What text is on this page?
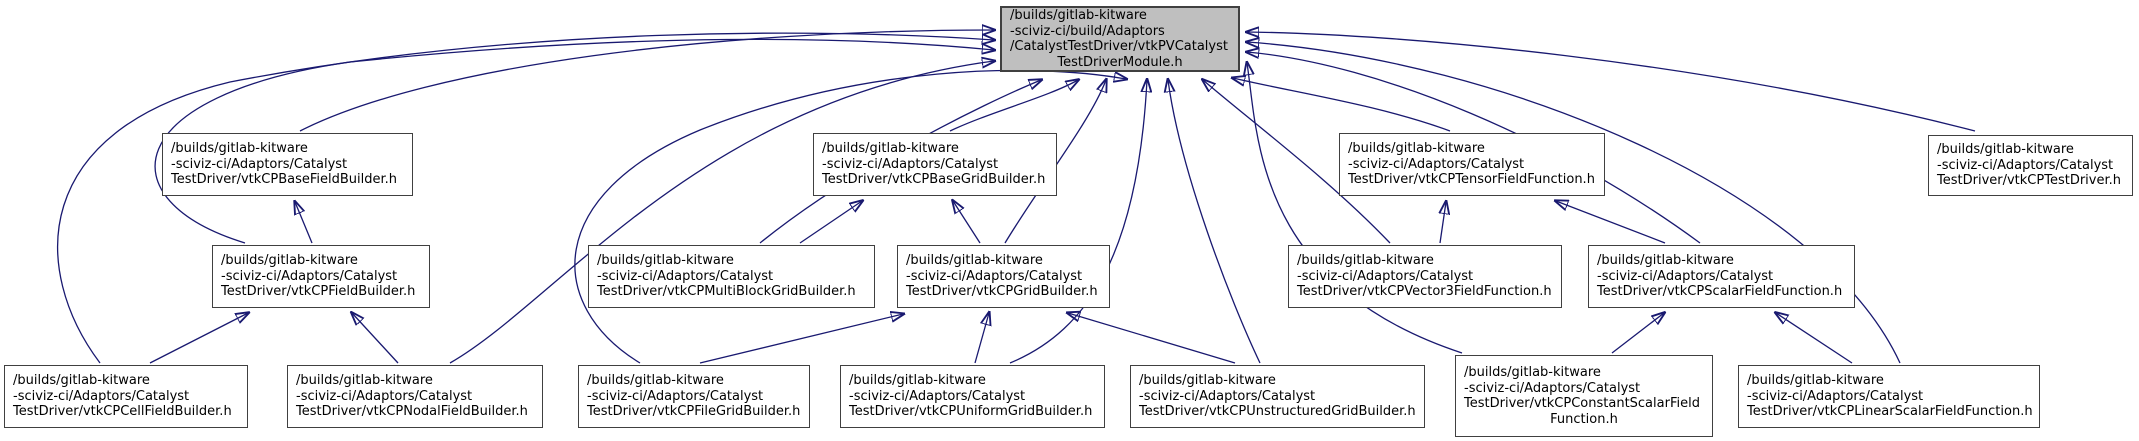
/builds/gitlab-kitware
-sciviz-ci/build/Adaptors
/CatalystTestDriver/vtkPVCatalyst
TestDriverModule.h
/builds/gitlab-kitware
-sciviz-ci/Adaptors/Catalyst
TestDriver/vtkCPBaseFieldBuilder.h
/builds/gitlab-kitware
-sciviz-ci/Adaptors/Catalyst
TestDriver/vtkCPBaseGridBuilder.h
/builds/gitlab-kitware
-sciviz-ci/Adaptors/Catalyst
TestDriver/vtkCPTensorFieldFunction.h
/builds/gitlab-kitware
-sciviz-ci/Adaptors/Catalyst
TestDriver/vtkCPTestDriver.h
/builds/gitlab-kitware
-sciviz-ci/Adaptors/Catalyst
TestDriver/vtkCPFieldBuilder.h
/builds/gitlab-kitware
-sciviz-ci/Adaptors/Catalyst
TestDriver/vtkCPMultiBlockGridBuilder.h
/builds/gitlab-kitware
-sciviz-ci/Adaptors/Catalyst
TestDriver/vtkCPGridBuilder.h
/builds/gitlab-kitware
-sciviz-ci/Adaptors/Catalyst
TestDriver/vtkCPVector3FieldFunction.h
/builds/gitlab-kitware
-sciviz-ci/Adaptors/Catalyst
TestDriver/vtkCPScalarFieldFunction.h
/builds/gitlab-kitware
-sciviz-ci/Adaptors/Catalyst
TestDriver/vtkCPCellFieldBuilder.h
/builds/gitlab-kitware
-sciviz-ci/Adaptors/Catalyst
TestDriver/vtkCPNodalFieldBuilder.h
/builds/gitlab-kitware
-sciviz-ci/Adaptors/Catalyst
TestDriver/vtkCPFileGridBuilder.h
/builds/gitlab-kitware
-sciviz-ci/Adaptors/Catalyst
TestDriver/vtkCPUniformGridBuilder.h
/builds/gitlab-kitware
-sciviz-ci/Adaptors/Catalyst
TestDriver/vtkCPUnstructuredGridBuilder.h
/builds/gitlab-kitware
-sciviz-ci/Adaptors/Catalyst
TestDriver/vtkCPConstantScalarField
Function.h
/builds/gitlab-kitware
-sciviz-ci/Adaptors/Catalyst
TestDriver/vtkCPLinearScalarFieldFunction.h
